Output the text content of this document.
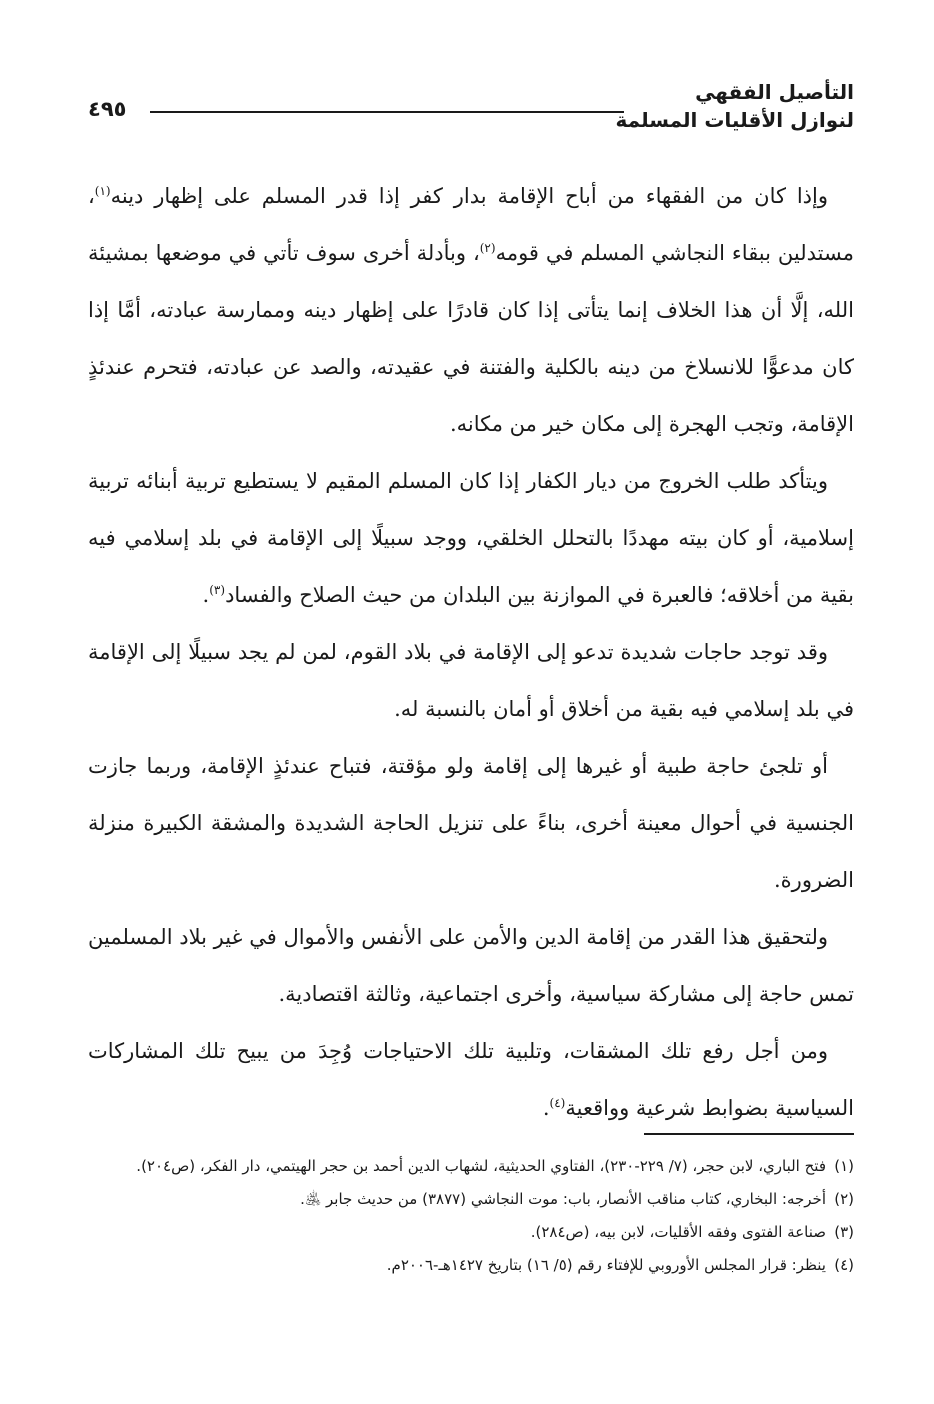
التأصيل الفقهي
لنوازل الأقليات المسلمة
٤٩٥

وإذا كان من الفقهاء من أباح الإقامة بدار كفر إذا قدر المسلم على إظهار دينه$^{(١)}$، مستدلين ببقاء النجاشي المسلم في قومه$^{(٢)}$، وبأدلة أخرى سوف تأتي في موضعها بمشيئة الله، إلَّا أن هذا الخلاف إنما يتأتى إذا كان قادرًا على إظهار دينه وممارسة عبادته، أمَّا إذا كان مدعوًّا للانسلاخ من دينه بالكلية والفتنة في عقيدته، والصد عن عبادته، فتحرم عندئذٍ الإقامة، وتجب الهجرة إلى مكان خير من مكانه.

ويتأكد طلب الخروج من ديار الكفار إذا كان المسلم المقيم لا يستطيع تربية أبنائه تربية إسلامية، أو كان بيته مهددًا بالتحلل الخلقي، ووجد سبيلًا إلى الإقامة في بلد إسلامي فيه بقية من أخلاقه؛ فالعبرة في الموازنة بين البلدان من حيث الصلاح والفساد$^{(٣)}$.

وقد توجد حاجات شديدة تدعو إلى الإقامة في بلاد القوم، لمن لم يجد سبيلًا إلى الإقامة في بلد إسلامي فيه بقية من أخلاق أو أمان بالنسبة له.

أو تلجئ حاجة طبية أو غيرها إلى إقامة ولو مؤقتة، فتباح عندئذٍ الإقامة، وربما جازت الجنسية في أحوال معينة أخرى، بناءً على تنزيل الحاجة الشديدة والمشقة الكبيرة منزلة الضرورة.

ولتحقيق هذا القدر من إقامة الدين والأمن على الأنفس والأموال في غير بلاد المسلمين تمس حاجة إلى مشاركة سياسية، وأخرى اجتماعية، وثالثة اقتصادية.

ومن أجل رفع تلك المشقات، وتلبية تلك الاحتياجات وُجِدَ من يبيح تلك المشاركات السياسية بضوابط شرعية وواقعية$^{(٤)}$.

(١)
فتح الباري، لابن حجر، (٧/ ٢٢٩-٢٣٠)، الفتاوي الحديثية، لشهاب الدين أحمد بن حجر الهيتمي، دار الفكر، (ص٢٠٤).

(٢)
أخرجه: البخاري، كتاب مناقب الأنصار، باب: موت النجاشي (٣٨٧٧) من حديث جابر ﵁.

(٣)
صناعة الفتوى وفقه الأقليات، لابن بيه، (ص٢٨٤).

(٤)
ينظر: قرار المجلس الأوروبي للإفتاء رقم (٥/ ١٦) بتاريخ ١٤٢٧هـ-٢٠٠٦م.
